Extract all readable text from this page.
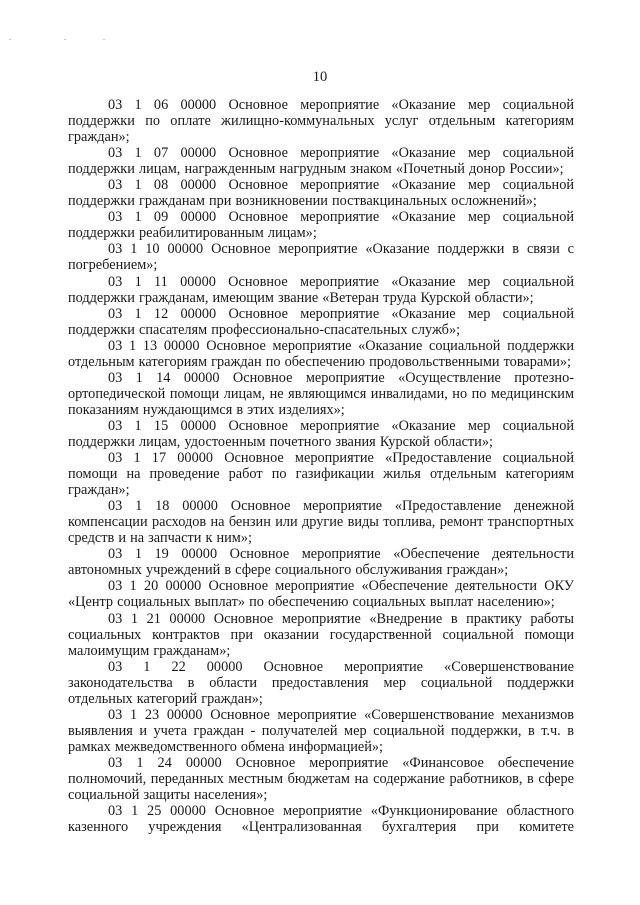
10

03 1 06 00000 Основное мероприятие «Оказание мер социальной поддержки по оплате жилищно-коммунальных услуг отдельным категориям граждан»;

03 1 07 00000 Основное мероприятие «Оказание мер социальной поддержки лицам, награжденным нагрудным знаком «Почетный донор России»;

03 1 08 00000 Основное мероприятие «Оказание мер социальной поддержки гражданам при возникновении поствакцинальных осложнений»;

03 1 09 00000 Основное мероприятие «Оказание мер социальной поддержки реабилитированным лицам»;

03 1 10 00000 Основное мероприятие «Оказание поддержки в связи с погребением»;

03 1 11 00000 Основное мероприятие «Оказание мер социальной поддержки гражданам, имеющим звание «Ветеран труда Курской области»;

03 1 12 00000 Основное мероприятие «Оказание мер социальной поддержки спасателям профессионально-спасательных служб»;

03 1 13 00000 Основное мероприятие «Оказание социальной поддержки отдельным категориям граждан по обеспечению продовольственными товарами»;

03 1 14 00000 Основное мероприятие «Осуществление протезно-ортопедической помощи лицам, не являющимся инвалидами, но по медицинским показаниям нуждающимся в этих изделиях»;

03 1 15 00000 Основное мероприятие «Оказание мер социальной поддержки лицам, удостоенным почетного звания Курской области»;

03 1 17 00000 Основное мероприятие «Предоставление социальной помощи на проведение работ по газификации жилья отдельным категориям граждан»;

03 1 18 00000 Основное мероприятие «Предоставление денежной компенсации расходов на бензин или другие виды топлива, ремонт транспортных средств и на запчасти к ним»;

03 1 19 00000 Основное мероприятие «Обеспечение деятельности автономных учреждений в сфере социального обслуживания граждан»;

03 1 20 00000 Основное мероприятие «Обеспечение деятельности ОКУ «Центр социальных выплат» по обеспечению социальных выплат населению»;

03 1 21 00000 Основное мероприятие «Внедрение в практику работы социальных контрактов при оказании государственной социальной помощи малоимущим гражданам»;

03 1 22 00000 Основное мероприятие «Совершенствование законодательства в области предоставления мер социальной поддержки отдельных категорий граждан»;

03 1 23 00000 Основное мероприятие «Совершенствование механизмов выявления и учета граждан - получателей мер социальной поддержки, в т.ч. в рамках межведомственного обмена информацией»;

03 1 24 00000 Основное мероприятие «Финансовое обеспечение полномочий, переданных местным бюджетам на содержание работников, в сфере социальной защиты населения»;

03 1 25 00000 Основное мероприятие «Функционирование областного казенного учреждения «Централизованная бухгалтерия при комитете
